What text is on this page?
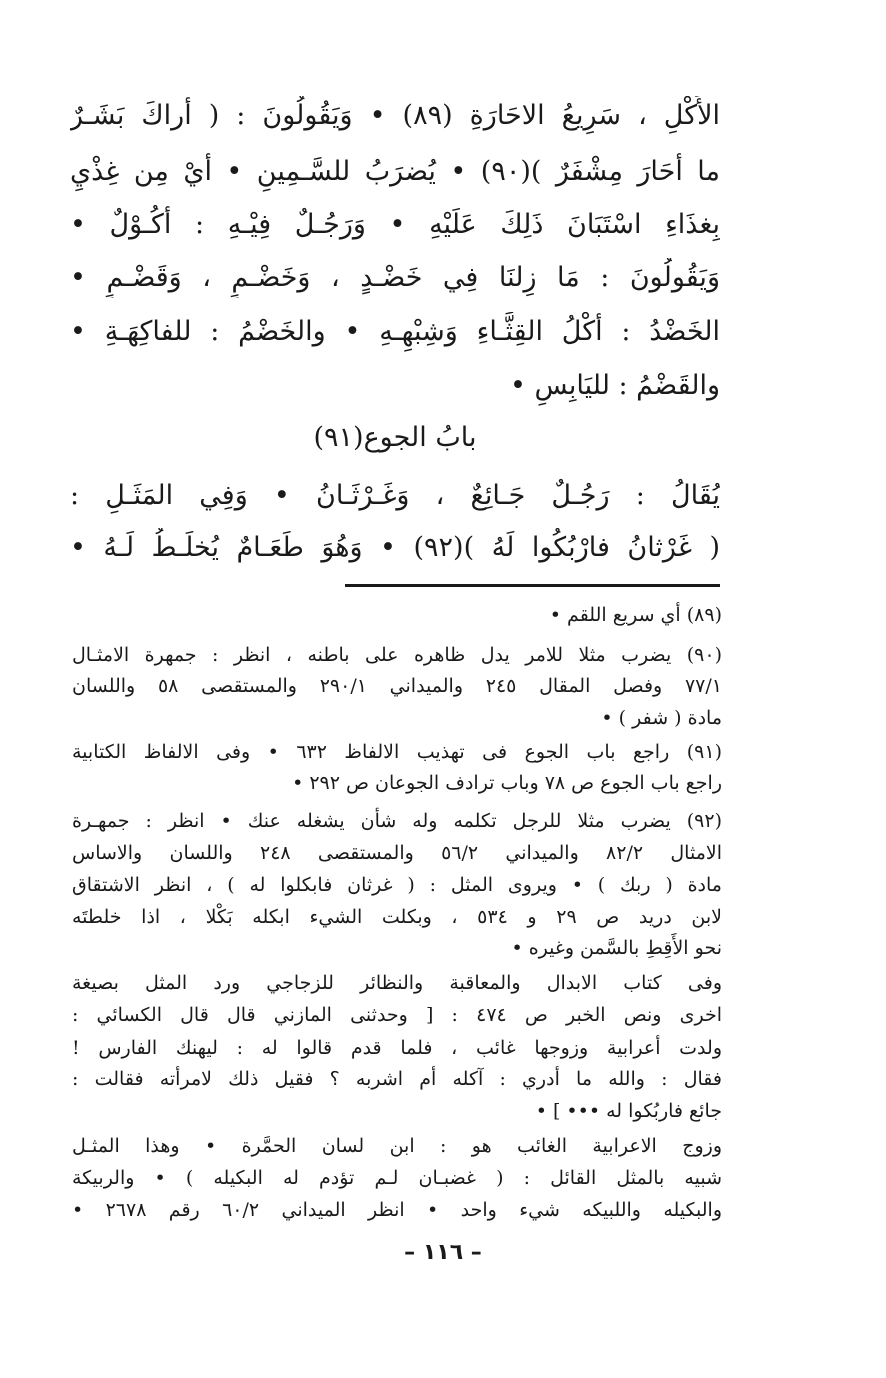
الأَكْلِ ، سَرِيعُ الاحَارَةِ (٨٩) • وَيَقُولُونَ : ( أَراكَ بَشَـرٌ
ما أَحَارَ مِشْفَرٌ )(٩٠) • يُضرَبُ للسَّـمِينِ • أَيْ مِن غِذْيِ
بِغذَاءِ اسْتَبَانَ ذَلِكَ عَلَيْهِ • وَرَجُـلٌ فِيْـهِ : أَكُـوْلٌ •
وَيَقُولُونَ : مَا زِلنَا فِي خَضْـدٍ ، وَخَضْـمٍ ، وَقَضْـمٍ •
الخَضْدُ : أَكْلُ القِثَّـاءِ وَشِبْهِـهِ • والخَضْمُ : للفاكِهَـةِ •
والقَضْمُ : لليَابِسِ •
بابُ الجوع(٩١)
يُقَالُ : رَجُـلٌ جَـائِعٌ ، وَغَـرْثَـانُ • وَفِي المَثَـلِ :
( غَرْثانُ فارْبُكُوا لَهُ )(٩٢) • وَهُوَ طَعَـامٌ يُخلَـطُ لَـهُ •
(٨٩) أي سريع اللقم •
(٩٠) يضرب مثلا للامر يدل ظاهره على باطنه ، انظر : جمهرة الامثـال
٧٧/١ وفصل المقال ٢٤٥ والميداني ٢٩٠/١ والمستقصى ٥٨ واللسان
مادة ( شفر ) •
(٩١) راجع باب الجوع فى تهذيب الالفاظ ٦٣٢ • وفى الالفاظ الكتابية
راجع باب الجوع ص ٧٨ وباب ترادف الجوعان ص ٢٩٢ •
(٩٢) يضرب مثلا للرجل تكلمه وله شأن يشغله عنك • انظر : جمهـرة
الامثال ٨٢/٢ والميداني ٥٦/٢ والمستقصى ٢٤٨ واللسان والاساس
مادة ( ربك ) • ويروى المثل : ( غرثان فابكلوا له ) ، انظر الاشتقاق
لابن دريد ص ٢٩ و ٥٣٤ ، وبكلت الشيء ابكله بَكْلا ، اذا خلطتَه
نحو الأَقِطِ بالسَّمن وغيره •
وفى كتاب الابدال والمعاقبة والنظائر للزجاجي ورد المثل بصيغة
اخرى ونص الخبر ص ٤٧٤ : [ وحدثنى المازني قال قال الكسائي :
ولدت أعرابية وزوجها غائب ، فلما قدم قالوا له : ليهنك الفارس !
فقال : والله ما أدري : آكله أم اشربه ؟ فقيل ذلك لامرأته فقالت :
جائع فاربُكوا له ••• ] •
وزوج الاعرابية الغائب هو : ابن لسان الحمَّرة • وهذا المثـل
شبيه بالمثل القائل : ( غضبـان لـم تؤدم له البكيله ) • والربيكة
والبكيله واللبيكه شيء واحد • انظر الميداني ٦٠/٢ رقم ٢٦٧٨ •
– ١١٦ –
